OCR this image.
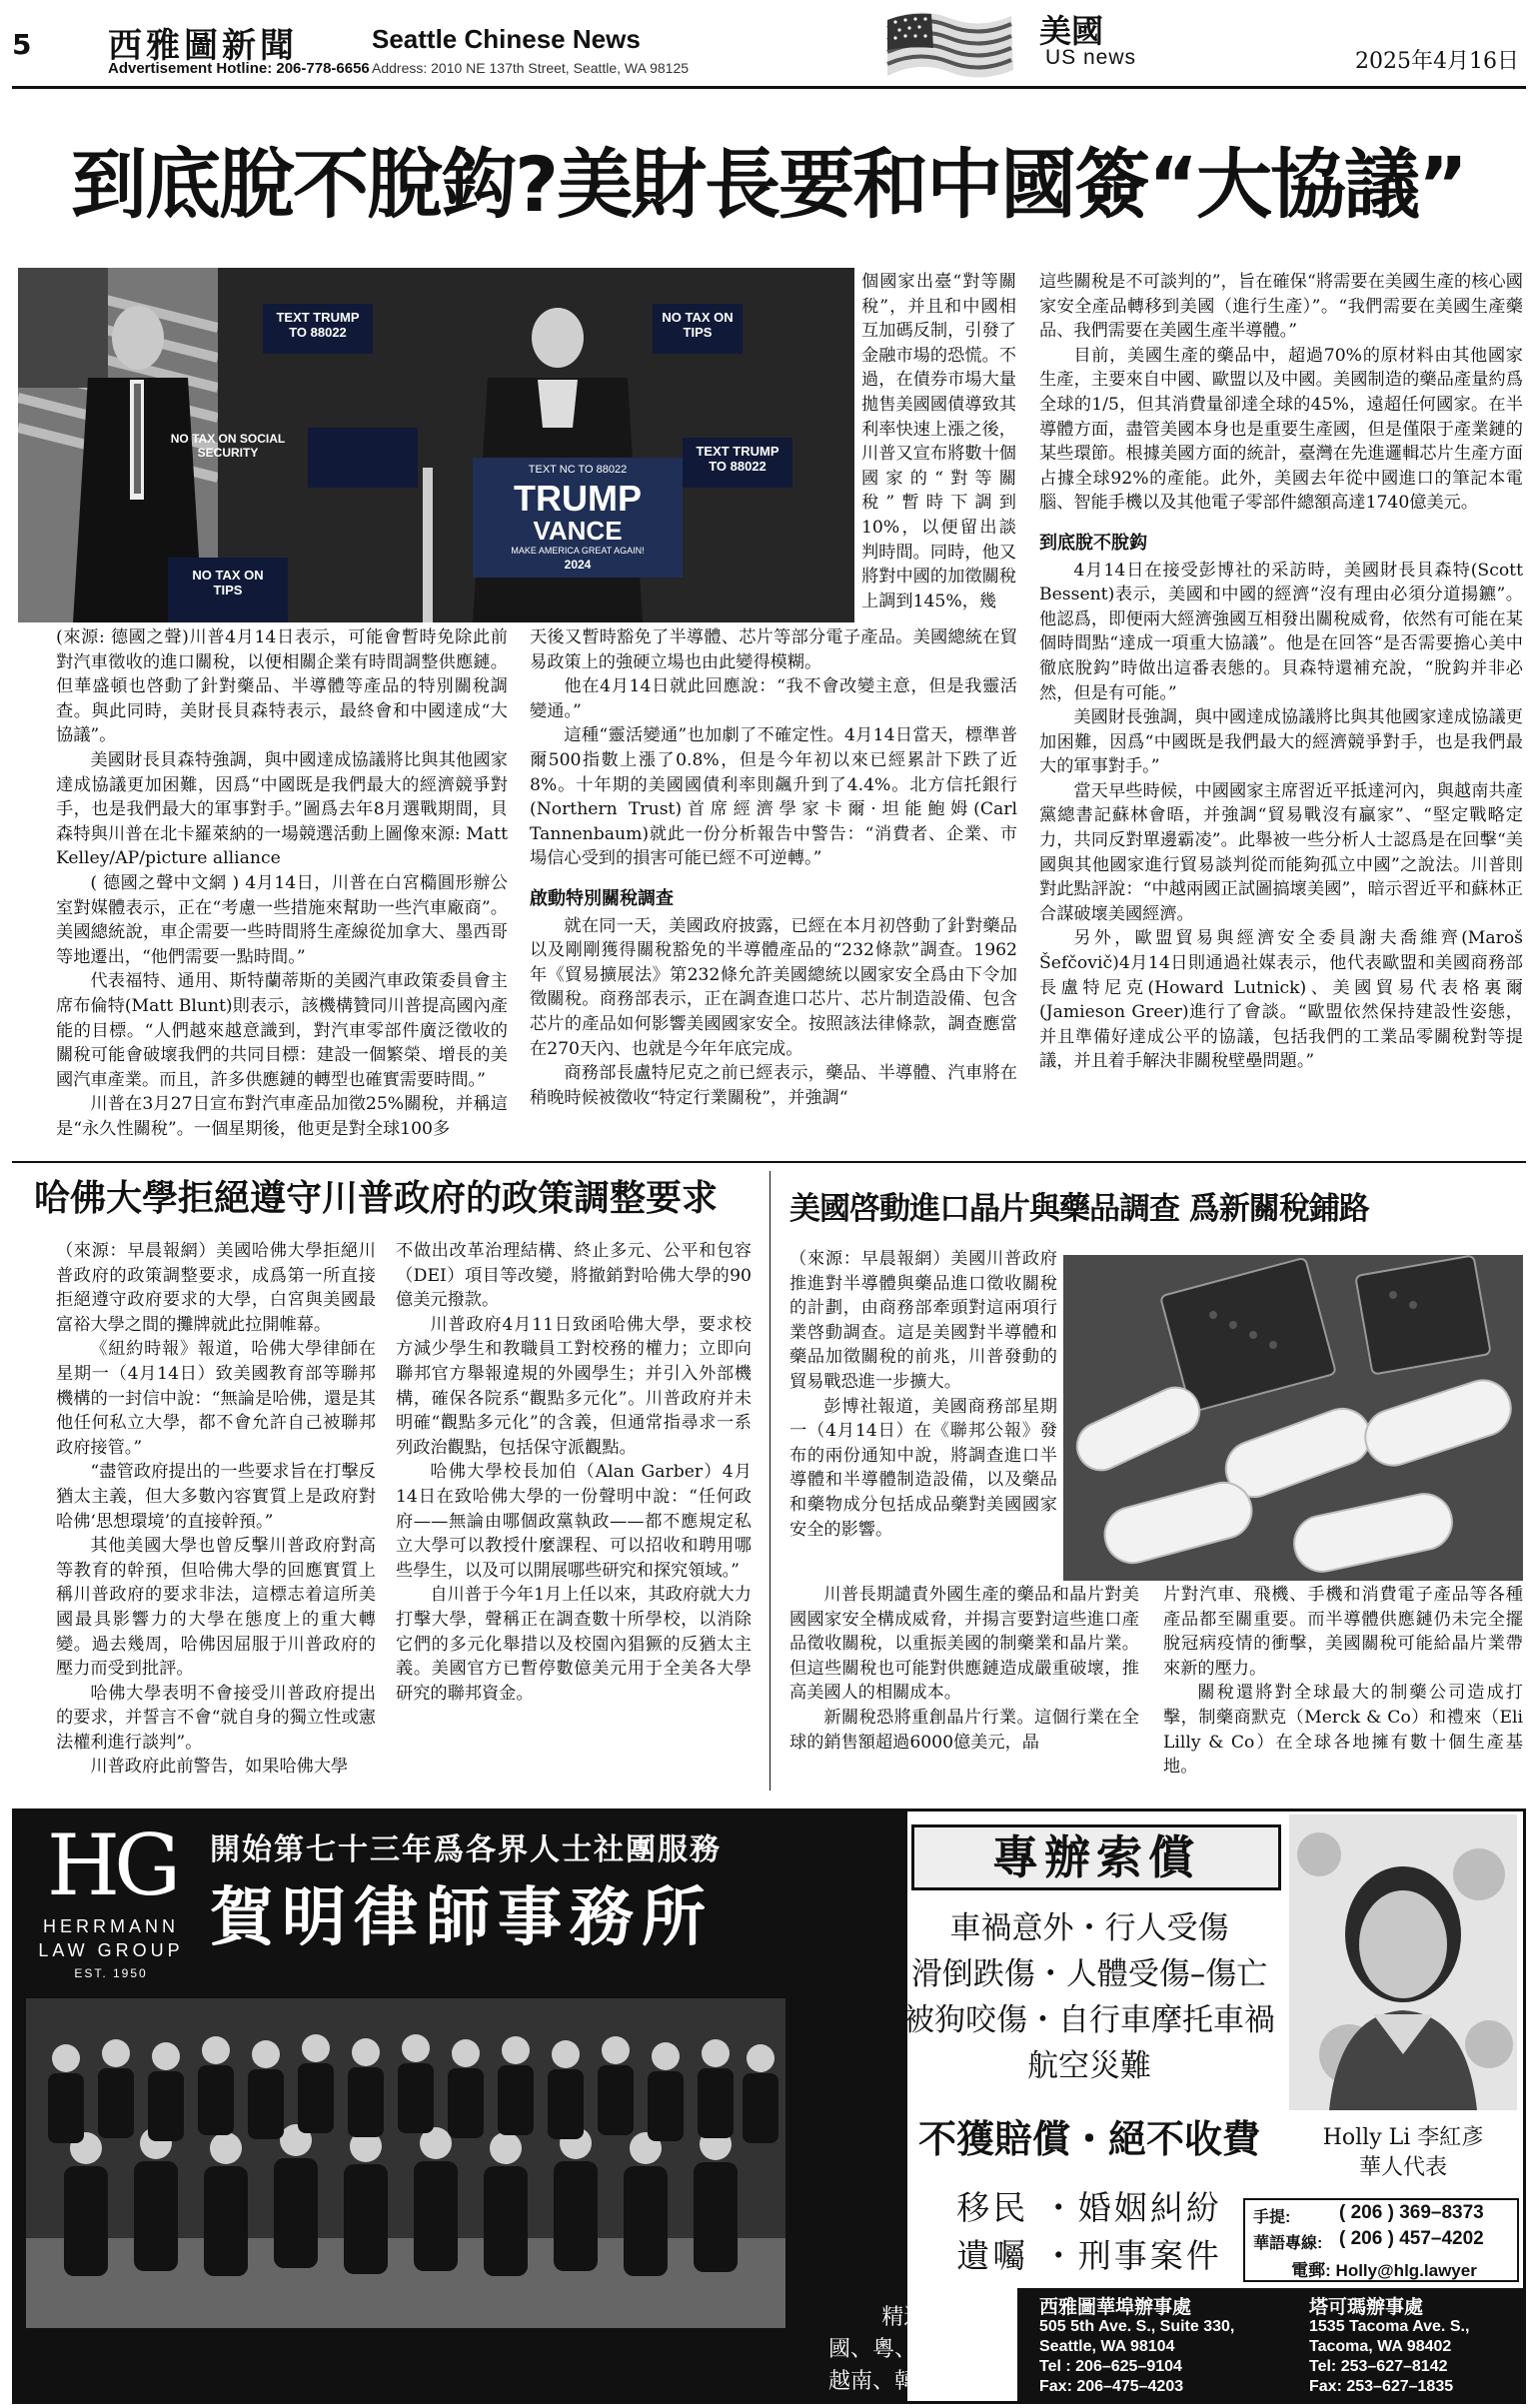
5 西雅圖新聞	Seattle Chinese News
Advertisement Hotline: 206-778-6656 Address: 2010 NE 137th Street, Seattle, WA 98125
美國
US news	2025年4月16日
到底脫不脫鈎?美財長要和中國簽“大協議”
TEXT TRUMP TO 88022
NO TAX ON TIPS
NO TAX ON SOCIAL SECURITY	TEXT TRUMP TO 88022
NO TAX ON TIPS
TEXT NC TO 88022
TRUMP
VANCE
MAKE AMERICA GREAT AGAIN!
2024

個國家出臺“對等關稅”，并且和中國相互加碼反制，引發了金融市場的恐慌。不過，在債券市場大量拋售美國國債導致其利率快速上漲之後，川普又宣布將數十個國家的“對等關稅”暫時下調到10%，以便留出談判時間。同時，他又將對中國的加徵關稅上調到145%，幾

(來源: 德國之聲)川普4月14日表示，可能會暫時免除此前對汽車徵收的進口關稅，以便相關企業有時間調整供應鏈。但華盛頓也啓動了針對藥品、半導體等產品的特別關稅調查。與此同時，美財長貝森特表示，最終會和中國達成“大協議”。

美國財長貝森特強調，與中國達成協議將比與其他國家達成協議更加困難，因爲“中國既是我們最大的經濟競爭對手，也是我們最大的軍事對手。”圖爲去年8月選戰期間，貝森特與川普在北卡羅萊納的一場競選活動上圖像來源: Matt Kelley/AP/picture alliance

( 德國之聲中文網 ) 4月14日，川普在白宮橢圓形辦公室對媒體表示，正在“考慮一些措施來幫助一些汽車廠商”。美國總統說，車企需要一些時間將生產線從加拿大、墨西哥等地遷出，“他們需要一點時間。”

代表福特、通用、斯特蘭蒂斯的美國汽車政策委員會主席布倫特(Matt Blunt)則表示，該機構贊同川普提高國內產能的目標。“人們越來越意識到，對汽車零部件廣泛徵收的關稅可能會破壞我們的共同目標：建設一個繁榮、增長的美國汽車產業。而且，許多供應鏈的轉型也確實需要時間。”

川普在3月27日宣布對汽車產品加徵25%關稅，并稱這是“永久性關稅”。一個星期後，他更是對全球100多

天後又暫時豁免了半導體、芯片等部分電子產品。美國總統在貿易政策上的強硬立場也由此變得模糊。

他在4月14日就此回應說：“我不會改變主意，但是我靈活變通。”

這種“靈活變通”也加劇了不確定性。4月14日當天，標準普爾500指數上漲了0.8%，但是今年初以來已經累計下跌了近8%。十年期的美國國債利率則飆升到了4.4%。北方信托銀行(Northern Trust)首席經濟學家卡爾·坦能鮑姆(Carl Tannenbaum)就此一份分析報告中警告：“消費者、企業、市場信心受到的損害可能已經不可逆轉。”

啟動特別關稅調查

就在同一天，美國政府披露，已經在本月初啓動了針對藥品以及剛剛獲得關稅豁免的半導體產品的“232條款”調查。1962年《貿易擴展法》第232條允許美國總統以國家安全爲由下令加徵關稅。商務部表示，正在調查進口芯片、芯片制造設備、包含芯片的產品如何影響美國國家安全。按照該法律條款，調查應當在270天內、也就是今年年底完成。

商務部長盧特尼克之前已經表示，藥品、半導體、汽車將在稍晚時候被徵收“特定行業關稅”，并強調“

這些關稅是不可談判的”，旨在確保“將需要在美國生產的核心國家安全產品轉移到美國（進行生產）”。“我們需要在美國生產藥品、我們需要在美國生產半導體。”

目前，美國生產的藥品中，超過70%的原材料由其他國家生產，主要來自中國、歐盟以及中國。美國制造的藥品產量約爲全球的1/5，但其消費量卻達全球的45%，遠超任何國家。在半導體方面，盡管美國本身也是重要生產國，但是僅限于產業鏈的某些環節。根據美國方面的統計，臺灣在先進邏輯芯片生產方面占據全球92%的產能。此外，美國去年從中國進口的筆記本電腦、智能手機以及其他電子零部件總額高達1740億美元。

到底脫不脫鈎

4月14日在接受彭博社的采訪時，美國財長貝森特(Scott Bessent)表示，美國和中國的經濟“沒有理由必須分道揚鑣”。他認爲，即便兩大經濟強國互相發出關稅威脅，依然有可能在某個時間點“達成一項重大協議”。他是在回答“是否需要擔心美中徹底脫鈎”時做出這番表態的。貝森特還補充說，“脫鈎并非必然，但是有可能。”

美國財長強調，與中國達成協議將比與其他國家達成協議更加困難，因爲“中國既是我們最大的經濟競爭對手，也是我們最大的軍事對手。”

當天早些時候，中國國家主席習近平抵達河內，與越南共產黨總書記蘇林會晤，并強調“貿易戰沒有贏家”、“堅定戰略定力，共同反對單邊霸凌”。此舉被一些分析人士認爲是在回擊“美國與其他國家進行貿易談判從而能夠孤立中國”之說法。川普則對此點評說：“中越兩國正試圖搞壞美國”，暗示習近平和蘇林正合謀破壞美國經濟。

另外，歐盟貿易與經濟安全委員謝夫喬維齊(Maroš Šefčovič)4月14日則通過社媒表示，他代表歐盟和美國商務部長盧特尼克(Howard Lutnick)、美國貿易代表格裏爾(Jamieson Greer)進行了會談。“歐盟依然保持建設性姿態，并且準備好達成公平的協議，包括我們的工業品零關稅對等提議，并且着手解決非關稅壁壘問題。”

哈佛大學拒絕遵守川普政府的政策調整要求

（來源：早晨報網）美國哈佛大學拒絕川普政府的政策調整要求，成爲第一所直接拒絕遵守政府要求的大學，白宮與美國最富裕大學之間的攤牌就此拉開帷幕。

《紐約時報》報道，哈佛大學律師在星期一（4月14日）致美國教育部等聯邦機構的一封信中說：“無論是哈佛，還是其他任何私立大學，都不會允許自己被聯邦政府接管。”

“盡管政府提出的一些要求旨在打擊反猶太主義，但大多數內容實質上是政府對哈佛‘思想環境’的直接幹預。”

其他美國大學也曾反擊川普政府對高等教育的幹預，但哈佛大學的回應實質上稱川普政府的要求非法，這標志着這所美國最具影響力的大學在態度上的重大轉變。過去幾周，哈佛因屈服于川普政府的壓力而受到批評。

哈佛大學表明不會接受川普政府提出的要求，并誓言不會“就自身的獨立性或憲法權利進行談判”。

川普政府此前警告，如果哈佛大學

不做出改革治理結構、終止多元、公平和包容（DEI）項目等改變，將撤銷對哈佛大學的90億美元撥款。

川普政府4月11日致函哈佛大學，要求校方減少學生和教職員工對校務的權力；立即向聯邦官方舉報違規的外國學生；并引入外部機構，確保各院系“觀點多元化”。川普政府并未明確“觀點多元化”的含義，但通常指尋求一系列政治觀點，包括保守派觀點。

哈佛大學校長加伯（Alan Garber）4月14日在致哈佛大學的一份聲明中說：“任何政府——無論由哪個政黨執政——都不應規定私立大學可以教授什麼課程、可以招收和聘用哪些學生，以及可以開展哪些研究和探究領域。”

自川普于今年1月上任以來，其政府就大力打擊大學，聲稱正在調查數十所學校，以消除它們的多元化舉措以及校園內猖獗的反猶太主義。美國官方已暫停數億美元用于全美各大學研究的聯邦資金。

美國啓動進口晶片與藥品調查 爲新關稅鋪路

（來源：早晨報網）美國川普政府推進對半導體與藥品進口徵收關稅的計劃，由商務部牽頭對這兩項行業啓動調查。這是美國對半導體和藥品加徵關稅的前兆，川普發動的貿易戰恐進一步擴大。

彭博社報道，美國商務部星期一（4月14日）在《聯邦公報》發布的兩份通知中說，將調查進口半導體和半導體制造設備，以及藥品和藥物成分包括成品藥對美國國家安全的影響。

川普長期譴責外國生產的藥品和晶片對美國國家安全構成威脅，并揚言要對這些進口產品徵收關稅，以重振美國的制藥業和晶片業。但這些關稅也可能對供應鏈造成嚴重破壞，推高美國人的相關成本。

新關稅恐將重創晶片行業。這個行業在全球的銷售額超過6000億美元，晶

片對汽車、飛機、手機和消費電子產品等各種產品都至關重要。而半導體供應鏈仍未完全擺脫冠病疫情的衝擊，美國關稅可能給晶片業帶來新的壓力。

關稅還將對全球最大的制藥公司造成打擊，制藥商默克（Merck & Co）和禮來（Eli Lilly & Co）在全球各地擁有數十個生產基地。

開始第七十三年爲各界人士社團服務
賀明律師事務所
HG
HERRMANN
LAW GROUP
EST. 1950
精通:
國、粵、台山、
越南、韓、英語
專辦索償
車禍意外・行人受傷
滑倒跌傷・人體受傷–傷亡
被狗咬傷・自行車摩托車禍
航空災難
不獲賠償・絕不收費
移民 ・婚姻糾紛
遺囑 ・刑事案件
Holly Li 李紅彥
華人代表
手提:	( 206 ) 369–8373
華語專線: ( 206 ) 457–4202
電郵: Holly@hlg.lawyer
西雅圖華埠辦事處
505 5th Ave. S., Suite 330,
Seattle, WA 98104
Tel : 206–625–9104
Fax: 206–475–4203
塔可瑪辦事處
1535 Tacoma Ave. S.,
Tacoma, WA 98402
Tel: 253–627–8142
Fax: 253–627–1835
